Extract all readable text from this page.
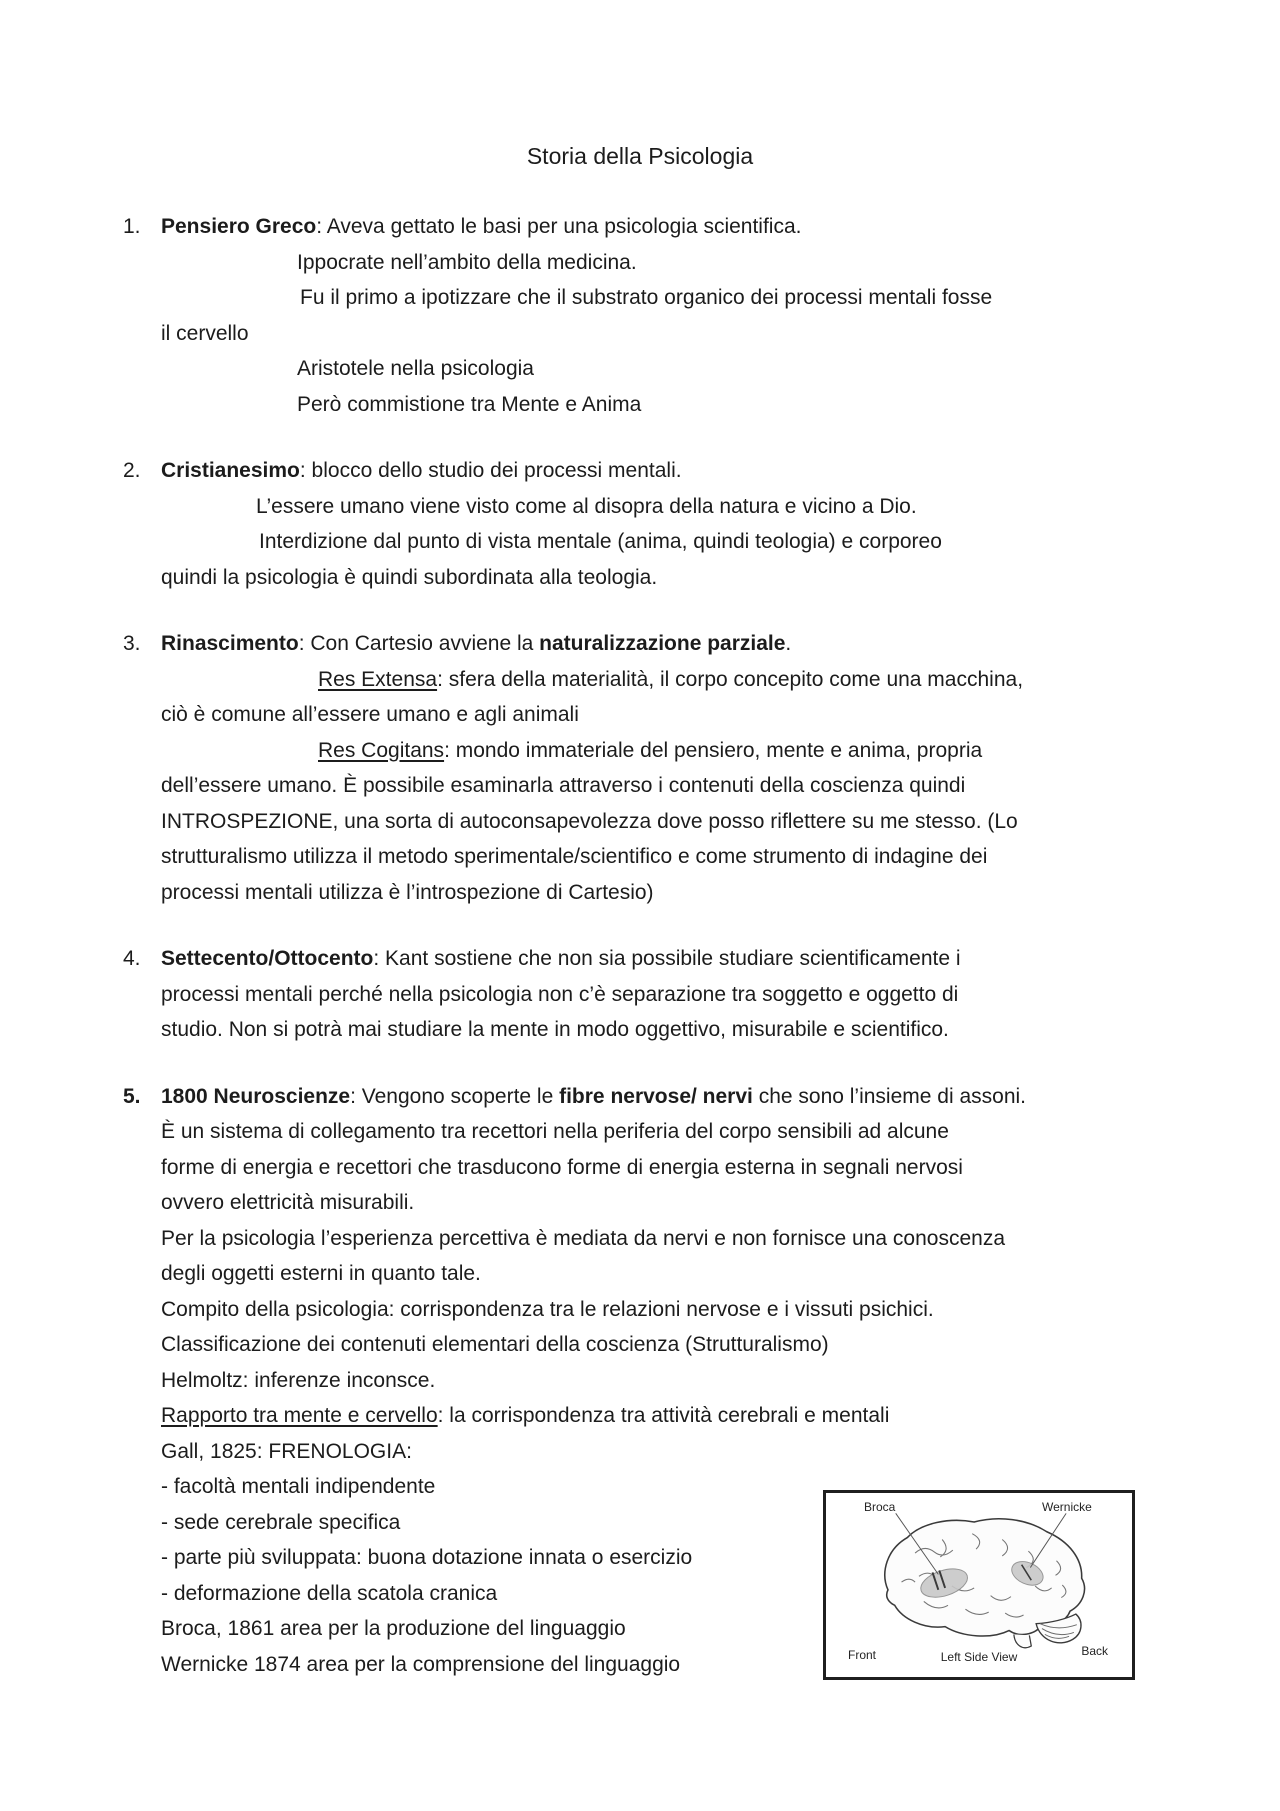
Storia della Psicologia
1. Pensiero Greco: Aveva gettato le basi per una psicologia scientifica.
Ippocrate nell’ambito della medicina.
Fu il primo a ipotizzare che il substrato organico dei processi mentali fosse
il cervello
Aristotele nella psicologia
Però commistione tra Mente e Anima
2. Cristianesimo: blocco dello studio dei processi mentali.
L’essere umano viene visto come al disopra della natura e vicino a Dio.
Interdizione dal punto di vista mentale (anima, quindi teologia) e corporeo
quindi la psicologia è quindi subordinata alla teologia.
3. Rinascimento: Con Cartesio avviene la naturalizzazione parziale.
Res Extensa: sfera della materialità, il corpo concepito come una macchina,
ciò è comune all’essere umano e agli animali
Res Cogitans: mondo immateriale del pensiero, mente e anima, propria
dell’essere umano. È possibile esaminarla attraverso i contenuti della coscienza quindi
INTROSPEZIONE, una sorta di autoconsapevolezza dove posso riflettere su me stesso. (Lo
strutturalismo utilizza il metodo sperimentale/scientifico e come strumento di indagine dei
processi mentali utilizza è l’introspezione di Cartesio)
4. Settecento/Ottocento: Kant sostiene che non sia possibile studiare scientificamente i
processi mentali perché nella psicologia non c’è separazione tra soggetto e oggetto di
studio. Non si potrà mai studiare la mente in modo oggettivo, misurabile e scientifico.
5. 1800 Neuroscienze: Vengono scoperte le fibre nervose/ nervi che sono l’insieme di assoni.
È un sistema di collegamento tra recettori nella periferia del corpo sensibili ad alcune
forme di energia e recettori che trasducono forme di energia esterna in segnali nervosi
ovvero elettricità misurabili.
Per la psicologia l’esperienza percettiva è mediata da nervi e non fornisce una conoscenza
degli oggetti esterni in quanto tale.
Compito della psicologia: corrispondenza tra le relazioni nervose e i vissuti psichici.
Classificazione dei contenuti elementari della coscienza (Strutturalismo)
Helmoltz: inferenze inconsce.
Rapporto tra mente e cervello: la corrispondenza tra attività cerebrali e mentali
Gall, 1825: FRENOLOGIA:
- facoltà mentali indipendente
- sede cerebrale specifica
- parte più sviluppata: buona dotazione innata o esercizio
- deformazione della scatola cranica
Broca, 1861 area per la produzione del linguaggio
Wernicke 1874 area per la comprensione del linguaggio
Broca	Wernicke
Front	Left Side View	Back
